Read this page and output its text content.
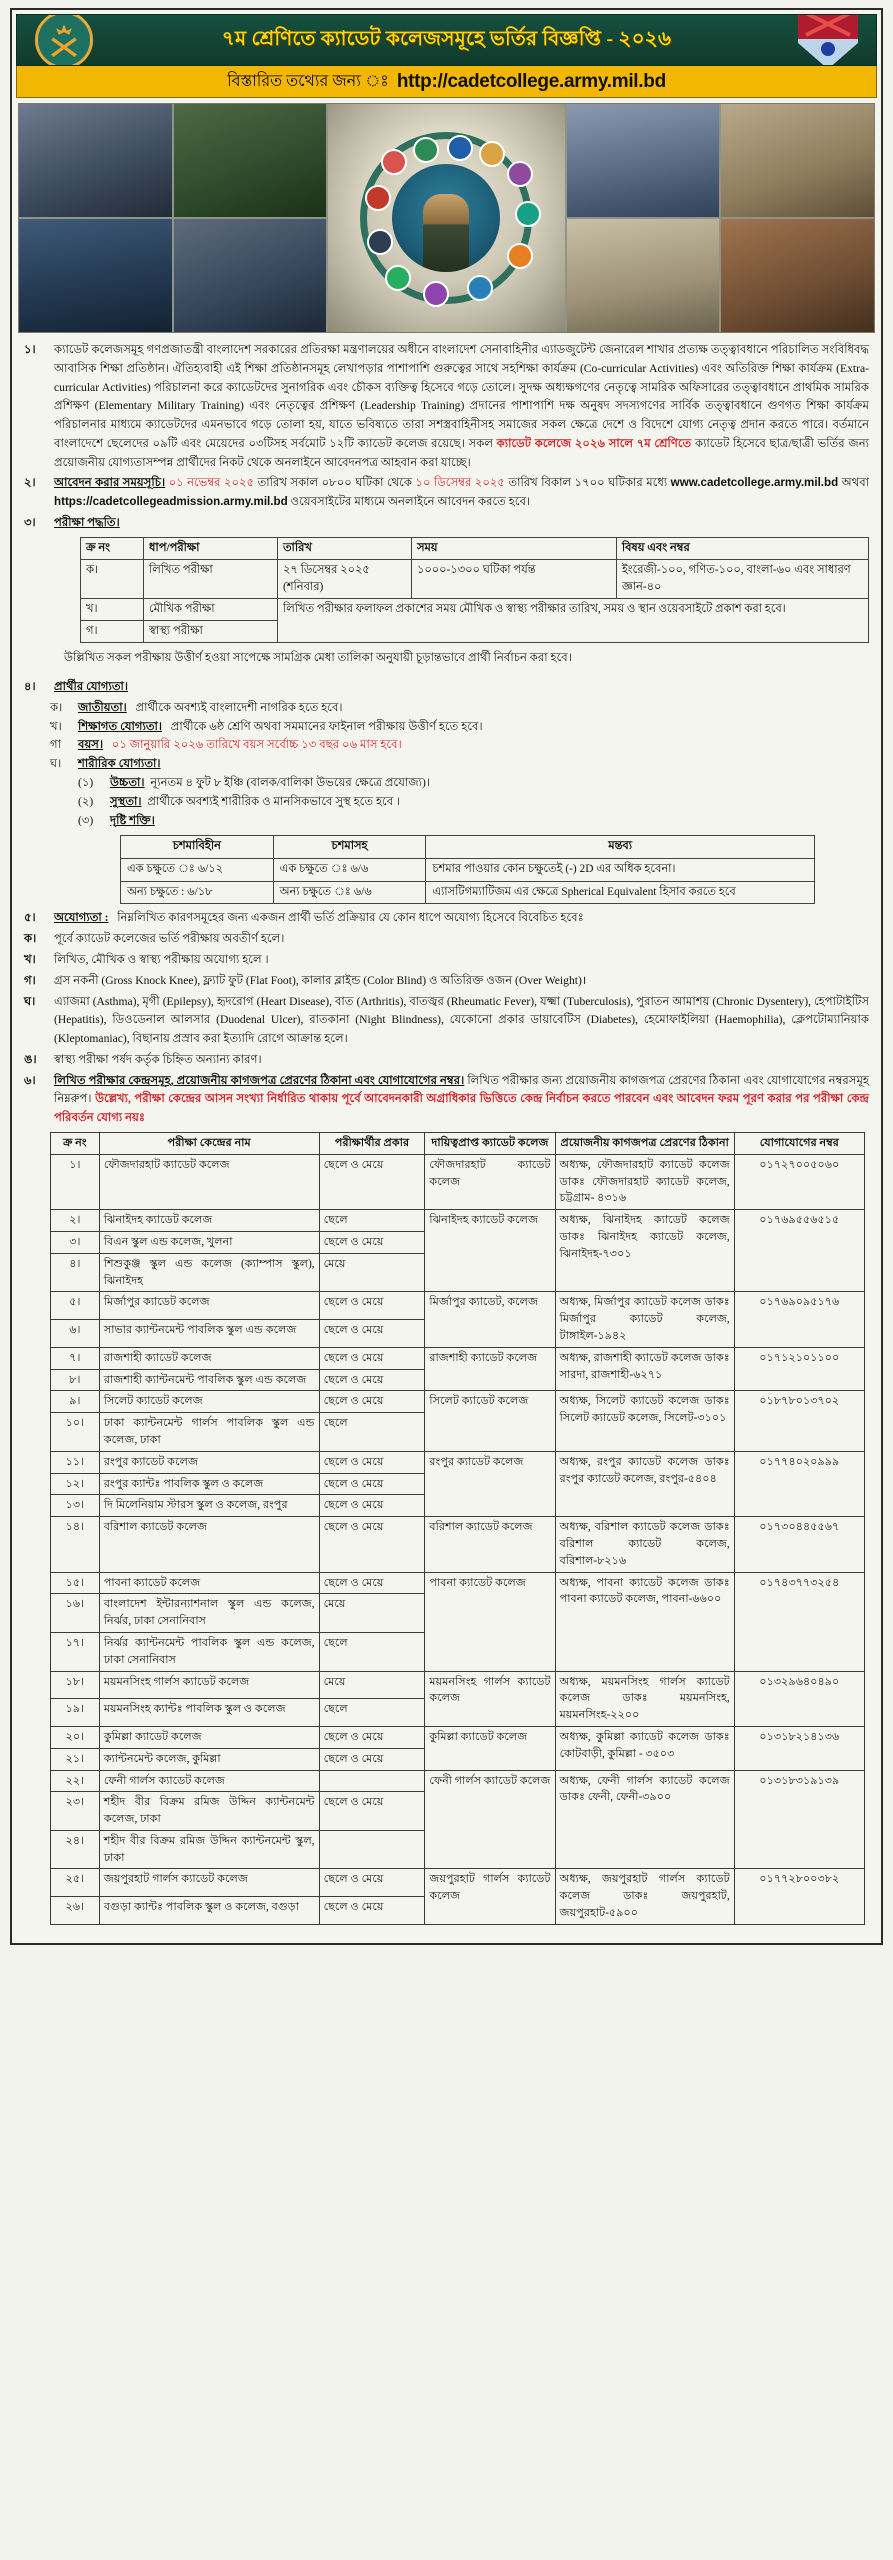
৭ম শ্রেণিতে ক্যাডেট কলেজসমূহে ভর্তির বিজ্ঞপ্তি - ২০২৬
বিস্তারিত তথ্যের জন্য ঃ http://cadetcollege.army.mil.bd
১।	ক্যাডেট কলেজসমূহ গণপ্রজাতন্ত্রী বাংলাদেশ সরকারের প্রতিরক্ষা মন্ত্রণালয়ের অধীনে বাংলাদেশ সেনাবাহিনীর এ্যাডজুটেন্ট জেনারেল শাখার প্রত্যক্ষ তত্ত্বাবধানে পরিচালিত সংবিধিবদ্ধ আবাসিক শিক্ষা প্রতিষ্ঠান। ঐতিহ্যবাহী এই শিক্ষা প্রতিষ্ঠানসমূহ লেখাপড়ার পাশাপাশি গুরুত্বের সাথে সহশিক্ষা কার্যক্রম (Co-curricular Activities) এবং অতিরিক্ত শিক্ষা কার্যক্রম (Extra-curricular Activities) পরিচালনা করে ক্যাডেটদের সুনাগরিক এবং চৌকস ব্যক্তিত্ব হিসেবে গড়ে তোলে। সুদক্ষ অধ্যক্ষগণের নেতৃত্বে সামরিক অফিসারের তত্ত্বাবধানে প্রাথমিক সামরিক প্রশিক্ষণ (Elementary Military Training) এবং নেতৃত্বের প্রশিক্ষণ (Leadership Training) প্রদানের পাশাপাশি দক্ষ অনুষদ সদস্যগণের সার্বিক তত্ত্বাবধানে গুণগত শিক্ষা কার্যক্রম পরিচালনার মাধ্যমে ক্যাডেটদের এমনভাবে গড়ে তোলা হয়, যাতে ভবিষ্যতে তারা সশস্ত্রবাহিনীসহ সমাজের সকল ক্ষেত্রে দেশে ও বিদেশে যোগ্য নেতৃত্ব প্রদান করতে পারে। বর্তমানে বাংলাদেশে ছেলেদের ০৯টি এবং মেয়েদের ০৩টিসহ সর্বমোট ১২টি ক্যাডেট কলেজ রয়েছে। সকল ক্যাডেট কলেজে ২০২৬ সালে ৭ম শ্রেণিতে ক্যাডেট হিসেবে ছাত্র/ছাত্রী ভর্তির জন্য প্রয়োজনীয় যোগ্যতাসম্পন্ন প্রার্থীদের নিকট থেকে অনলাইনে আবেদনপত্র আহবান করা যাচ্ছে।
২।	আবেদন করার সময়সূচি। ০১ নভেম্বর ২০২৫ তারিখ সকাল ০৮০০ ঘটিকা থেকে ১০ ডিসেম্বর ২০২৫ তারিখ বিকাল ১৭০০ ঘটিকার মধ্যে www.cadetcollege.army.mil.bd অথবা https://cadetcollegeadmission.army.mil.bd ওয়েবসাইটের মাধ্যমে অনলাইনে আবেদন করতে হবে।
৩।	পরীক্ষা পদ্ধতি।
ক্র নং	ধাপ/পরীক্ষা	তারিখ	সময়	বিষয় এবং নম্বর
ক।	লিখিত পরীক্ষা	২৭ ডিসেম্বর ২০২৫ (শনিবার)	১০০০-১৩০০ ঘটিকা পর্যন্ত	ইংরেজী-১০০, গণিত-১০০, বাংলা-৬০ এবং সাধারণ জ্ঞান-৪০
খ।	মৌখিক পরীক্ষা	লিখিত পরীক্ষার ফলাফল প্রকাশের সময় মৌখিক ও স্বাস্থ্য পরীক্ষার তারিখ, সময় ও স্থান ওয়েবসাইটে প্রকাশ করা হবে।		
গ।	স্বাস্থ্য পরীক্ষা			
উল্লিখিত সকল পরীক্ষায় উত্তীর্ণ হওয়া সাপেক্ষে সামগ্রিক মেধা তালিকা অনুযায়ী চূড়ান্তভাবে প্রার্থী নির্বাচন করা হবে।
৪।	প্রার্থীর যোগ্যতা।
ক।	জাতীয়তা। প্রার্থীকে অবশ্যই বাংলাদেশী নাগরিক হতে হবে।
খ।	শিক্ষাগত যোগ্যতা। প্রার্থীকে ৬ষ্ঠ শ্রেণি অথবা সমমানের ফাইনাল পরীক্ষায় উত্তীর্ণ হতে হবে।
গা	বয়স। ০১ জানুয়ারি ২০২৬ তারিখে বয়স সর্বোচ্চ ১৩ বছর ০৬ মাস হবে।
ঘ।	শারীরিক যোগ্যতা।
(১)	উচ্চতা। ন্যূনতম ৪ ফুট ৮ ইঞ্চি (বালক/বালিকা উভয়ের ক্ষেত্রে প্রযোজ্য)।
(২)	সুস্থতা। প্রার্থীকে অবশ্যই শারীরিক ও মানসিকভাবে সুস্থ হতে হবে ।
(৩)	দৃষ্টি শক্তি।
চশমাবিহীন	চশমাসহ	মন্তব্য
এক চক্ষুতে ঃ ৬/১২	এক চক্ষুতে ঃ ৬/৬	চশমার পাওয়ার কোন চক্ষুতেই (-) 2D এর অধিক হবেনা।
অন্য চক্ষুতে : ৬/১৮	অন্য চক্ষুতে ঃ ৬/৬	এ্যাসটিগম্যাটিজম এর ক্ষেত্রে Spherical Equivalent হিসাব করতে হবে
৫।	অযোগ্যতা : নিম্নলিখিত কারণসমূহের জন্য একজন প্রার্থী ভর্তি প্রক্রিয়ার যে কোন ধাপে অযোগ্য হিসেবে বিবেচিত হবেঃ
ক।	পূর্বে ক্যাডেট কলেজের ভর্তি পরীক্ষায় অবতীর্ণ হলে।
খ।	লিখিত, মৌখিক ও স্বাস্থ্য পরীক্ষায় অযোগ্য হলে ।
গ।	গ্রস নকনী (Gross Knock Knee), ফ্ল্যাট ফুট (Flat Foot), কালার ব্লাইন্ড (Color Blind) ও অতিরিক্ত ওজন (Over Weight)।
ঘ।	এ্যাজমা (Asthma), মৃগী (Epilepsy), হৃদরোগ (Heart Disease), বাত (Arthritis), বাতজ্বর (Rheumatic Fever), যক্ষ্মা (Tuberculosis), পুরাতন আমাশয় (Chronic Dysentery), হেপাটাইটিস (Hepatitis), ডিওডেনাল আলসার (Duodenal Ulcer), রাতকানা (Night Blindness), যেকোনো প্রকার ডায়াবেটিস (Diabetes), হেমোফাইলিয়া (Haemophilia), ক্লেপটোম্যানিয়াক (Kleptomaniac), বিছানায় প্রস্রাব করা ইত্যাদি রোগে আক্রান্ত হলে।
ঙ।	স্বাস্থ্য পরীক্ষা পর্ষদ কর্তৃক চিহ্নিত অন্যান্য কারণ।
৬।	লিখিত পরীক্ষার কেন্দ্রসমূহ, প্রয়োজনীয় কাগজপত্র প্রেরণের ঠিকানা এবং যোগাযোগের নম্বর। লিখিত পরীক্ষার জন্য প্রয়োজনীয় কাগজপত্র প্রেরণের ঠিকানা এবং যোগাযোগের নম্বরসমূহ নিম্নরুপ। উল্লেখ্য, পরীক্ষা কেন্দ্রের আসন সংখ্যা নির্ধারিত থাকায় পূর্বে আবেদনকারী অগ্রাধিকার ভিত্তিতে কেন্দ্র নির্বাচন করতে পারবেন এবং আবেদন ফরম পূরণ করার পর পরীক্ষা কেন্দ্র পরিবর্তন যোগ্য নয়ঃ
ক্র নং	পরীক্ষা কেন্দ্রের নাম	পরীক্ষার্থীর প্রকার	দায়িত্বপ্রাপ্ত ক্যাডেট কলেজ	প্রয়োজনীয় কাগজপত্র প্রেরণের ঠিকানা	যোগাযোগের নম্বর
১।	ফৌজদারহাট ক্যাডেট কলেজ	ছেলে ও মেয়ে	ফৌজদারহাট ক্যাডেট কলেজ	অধ্যক্ষ, ফৌজদারহাট ক্যাডেট কলেজ ডাকঃ ফৌজদারহাট ক্যাডেট কলেজ, চট্টগ্রাম- ৪৩১৬	০১৭২৭০০৫০৬০
২।	ঝিনাইদহ ক্যাডেট কলেজ	ছেলে	ঝিনাইদহ ক্যাডেট কলেজ	অধ্যক্ষ, ঝিনাইদহ ক্যাডেট কলেজ ডাকঃ ঝিনাইদহ ক্যাডেট কলেজ, ঝিনাইদহ-৭৩০১	০১৭৬৯৫৫৬৫১৫
৩।	বিএন স্কুল এন্ড কলেজ, খুলনা	ছেলে ও মেয়ে			
৪।	শিশুকুঞ্জ স্কুল এন্ড কলেজ (ক্যাম্পাস স্কুল), ঝিনাইদহ	মেয়ে			
৫।	মির্জাপুর ক্যাডেট কলেজ	ছেলে ও মেয়ে	মির্জাপুর ক্যাডেট, কলেজ	অধ্যক্ষ, মির্জাপুর ক্যাডেট কলেজ ডাকঃ মির্জাপুর ক্যাডেট কলেজ, টাঙ্গাইল-১৯৪২	০১৭৬৯০৯৫১৭৬
৬।	সাভার ক্যান্টনমেন্ট পাবলিক স্কুল এন্ড কলেজ	ছেলে ও মেয়ে			
৭।	রাজশাহী ক্যাডেট কলেজ	ছেলে ও মেয়ে	রাজশাহী ক্যাডেট কলেজ	অধ্যক্ষ, রাজশাহী ক্যাডেট কলেজ ডাকঃ সারদা, রাজশাহী-৬২৭১	০১৭১২১০১১০০
৮।	রাজশাহী ক্যান্টনমেন্ট পাবলিক স্কুল এন্ড কলেজ	ছেলে ও মেয়ে			
৯।	সিলেট ক্যাডেট কলেজ	ছেলে ও মেয়ে	সিলেট ক্যাডেট কলেজ	অধ্যক্ষ, সিলেট ক্যাডেট কলেজ ডাকঃ সিলেট ক্যাডেট কলেজ, সিলেট-৩১০১	০১৮৭৮০১৩৭০২
১০।	ঢাকা ক্যান্টনমেন্ট গার্লস পাবলিক স্কুল এন্ড কলেজ, ঢাকা	ছেলে			
১১।	রংপুর ক্যাডেট কলেজ	ছেলে ও মেয়ে	রংপুর ক্যাডেট কলেজ	অধ্যক্ষ, রংপুর ক্যাডেট কলেজ ডাকঃ রংপুর ক্যাডেট কলেজ, রংপুর-৫৪০৪	০১৭৭৪০২০৯৯৯
১২।	রংপুর ক্যান্টঃ পাবলিক স্কুল ও কলেজ	ছেলে ও মেয়ে			
১৩।	দি মিলেনিয়াম স্টারস স্কুল ও কলেজ, রংপুর	ছেলে ও মেয়ে			
১৪।	বরিশাল ক্যাডেট কলেজ	ছেলে ও মেয়ে	বরিশাল ক্যাডেট কলেজ	অধ্যক্ষ, বরিশাল ক্যাডেট কলেজ ডাকঃ বরিশাল ক্যাডেট কলেজ, বরিশাল-৮২১৬	০১৭৩০৪৪৫৫৬৭
১৫।	পাবনা ক্যাডেট কলেজ	ছেলে ও মেয়ে	পাবনা ক্যাডেট কলেজ	অধ্যক্ষ, পাবনা ক্যাডেট কলেজ ডাকঃ পাবনা ক্যাডেট কলেজ, পাবনা-৬৬০০	০১৭৪৩৭৭৩২৫৪
১৬।	বাংলাদেশ ইন্টারন্যাশনাল স্কুল এন্ড কলেজ, নির্ঝর, ঢাকা সেনানিবাস	মেয়ে			
১৭।	নির্ঝর ক্যান্টনমেন্ট পাবলিক স্কুল এন্ড কলেজ, ঢাকা সেনানিবাস	ছেলে			
১৮।	ময়মনসিংহ গার্লস ক্যাডেট কলেজ	মেয়ে	ময়মনসিংহ গার্লস ক্যাডেট কলেজ	অধ্যক্ষ, ময়মনসিংহ গার্লস ক্যাডেট কলেজ ডাকঃ ময়মনসিংহ, ময়মনসিংহ-২২০০	০১৩২৯৬৪০৪৯০
১৯।	ময়মনসিংহ ক্যান্টঃ পাবলিক স্কুল ও কলেজ	ছেলে			
২০।	কুমিল্লা ক্যাডেট কলেজ	ছেলে ও মেয়ে	কুমিল্লা ক্যাডেট কলেজ	অধ্যক্ষ, কুমিল্লা ক্যাডেট কলেজ ডাকঃ কোটবাড়ী, কুমিল্লা - ৩৫০৩	০১৩১৮২১৪১৩৬
২১।	ক্যান্টনমেন্ট কলেজ, কুমিল্লা	ছেলে ও মেয়ে			
২২।	ফেনী গার্লস ক্যাডেট কলেজ		ফেনী গার্লস ক্যাডেট কলেজ	অধ্যক্ষ, ফেনী গার্লস ক্যাডেট কলেজ ডাকঃ ফেনী, ফেনী-৩৯০০	০১৩১৮৩১৯১৩৯
২৩।	শহীদ বীর বিক্রম রমিজ উদ্দিন ক্যান্টনমেন্ট কলেজ, ঢাকা	ছেলে ও মেয়ে			
২৪।	শহীদ বীর বিক্রম রমিজ উদ্দিন ক্যান্টনমেন্ট স্কুল, ঢাকা				
২৫।	জয়পুরহাট গার্লস ক্যাডেট কলেজ	ছেলে ও মেয়ে	জয়পুরহাট গার্লস ক্যাডেট কলেজ	অধ্যক্ষ, জয়পুরহাট গার্লস ক্যাডেট কলেজ ডাকঃ জয়পুরহাট, জয়পুরহাট-৫৯০০	০১৭৭২৮০০৩৮২
২৬।	বগুড়া ক্যান্টঃ পাবলিক স্কুল ও কলেজ, বগুড়া	ছেলে ও মেয়ে			
